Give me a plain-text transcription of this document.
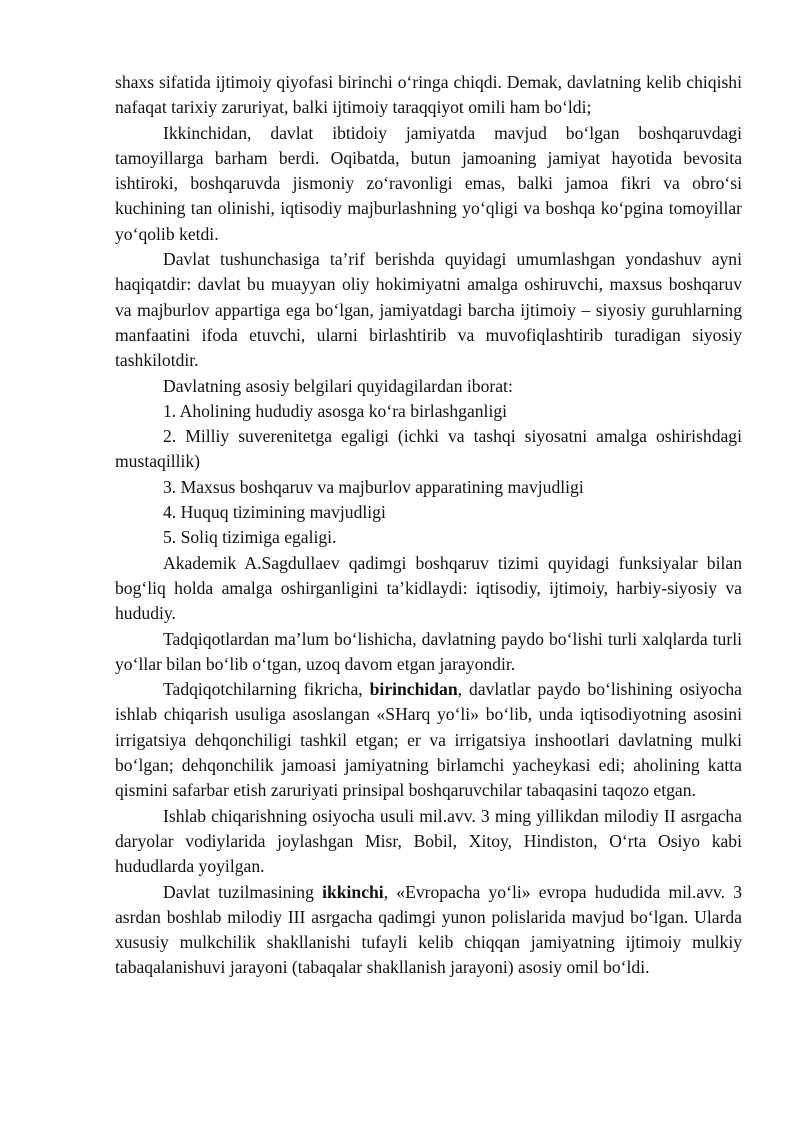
shaxs sifatida ijtimoiy qiyofasi birinchi o‘ringa chiqdi. Demak, davlatning kelib chiqishi nafaqat tarixiy zaruriyat, balki ijtimoiy taraqqiyot omili ham bo‘ldi;

Ikkinchidan, davlat ibtidoiy jamiyatda mavjud bo‘lgan boshqaruvdagi tamoyillarga barham berdi. Oqibatda, butun jamoaning jamiyat hayotida bevosita ishtiroki, boshqaruvda jismoniy zo‘ravonligi emas, balki jamoa fikri va obro‘si kuchining tan olinishi, iqtisodiy majburlashning yo‘qligi va boshqa ko‘pgina tomoyillar yo‘qolib ketdi.

Davlat tushunchasiga ta’rif berishda quyidagi umumlashgan yondashuv ayni haqiqatdir: davlat bu muayyan oliy hokimiyatni amalga oshiruvchi, maxsus boshqaruv va majburlov appartiga ega bo‘lgan, jamiyatdagi barcha ijtimoiy – siyosiy guruhlarning manfaatini ifoda etuvchi, ularni birlashtirib va muvofiqlashtirib turadigan siyosiy tashkilotdir.

Davlatning asosiy belgilari quyidagilardan iborat:

1. Aholining hududiy asosga ko‘ra birlashganligi

2. Milliy suverenitetga egaligi (ichki va tashqi siyosatni amalga oshirishdagi mustaqillik)

3. Maxsus boshqaruv va majburlov apparatining mavjudligi

4. Huquq tizimining mavjudligi

5. Soliq tizimiga egaligi.

Akademik A.Sagdullaev qadimgi boshqaruv tizimi quyidagi funksiyalar bilan bog‘liq holda amalga oshirganligini ta’kidlaydi: iqtisodiy, ijtimoiy, harbiy-siyosiy va hududiy.

Tadqiqotlardan ma’lum bo‘lishicha, davlatning paydo bo‘lishi turli xalqlarda turli yo‘llar bilan bo‘lib o‘tgan, uzoq davom etgan jarayondir.

Tadqiqotchilarning fikricha, birinchidan, davlatlar paydo bo‘lishining osiyocha ishlab chiqarish usuliga asoslangan «SHarq yo‘li» bo‘lib, unda iqtisodiyotning asosini irrigatsiya dehqonchiligi tashkil etgan; er va irrigatsiya inshootlari davlatning mulki bo‘lgan; dehqonchilik jamoasi jamiyatning birlamchi yacheykasi edi; aholining katta qismini safarbar etish zaruriyati prinsipal boshqaruvchilar tabaqasini taqozo etgan.

Ishlab chiqarishning osiyocha usuli mil.avv. 3 ming yillikdan milodiy II asrgacha daryolar vodiylarida joylashgan Misr, Bobil, Xitoy, Hindiston, O‘rta Osiyo kabi hududlarda yoyilgan.

Davlat tuzilmasining ikkinchi, «Evropacha yo‘li» evropa hududida mil.avv. 3 asrdan boshlab milodiy III asrgacha qadimgi yunon polislarida mavjud bo‘lgan. Ularda xususiy mulkchilik shakllanishi tufayli kelib chiqqan jamiyatning ijtimoiy mulkiy tabaqalanishuvi jarayoni (tabaqalar shakllanish jarayoni) asosiy omil bo‘ldi.
